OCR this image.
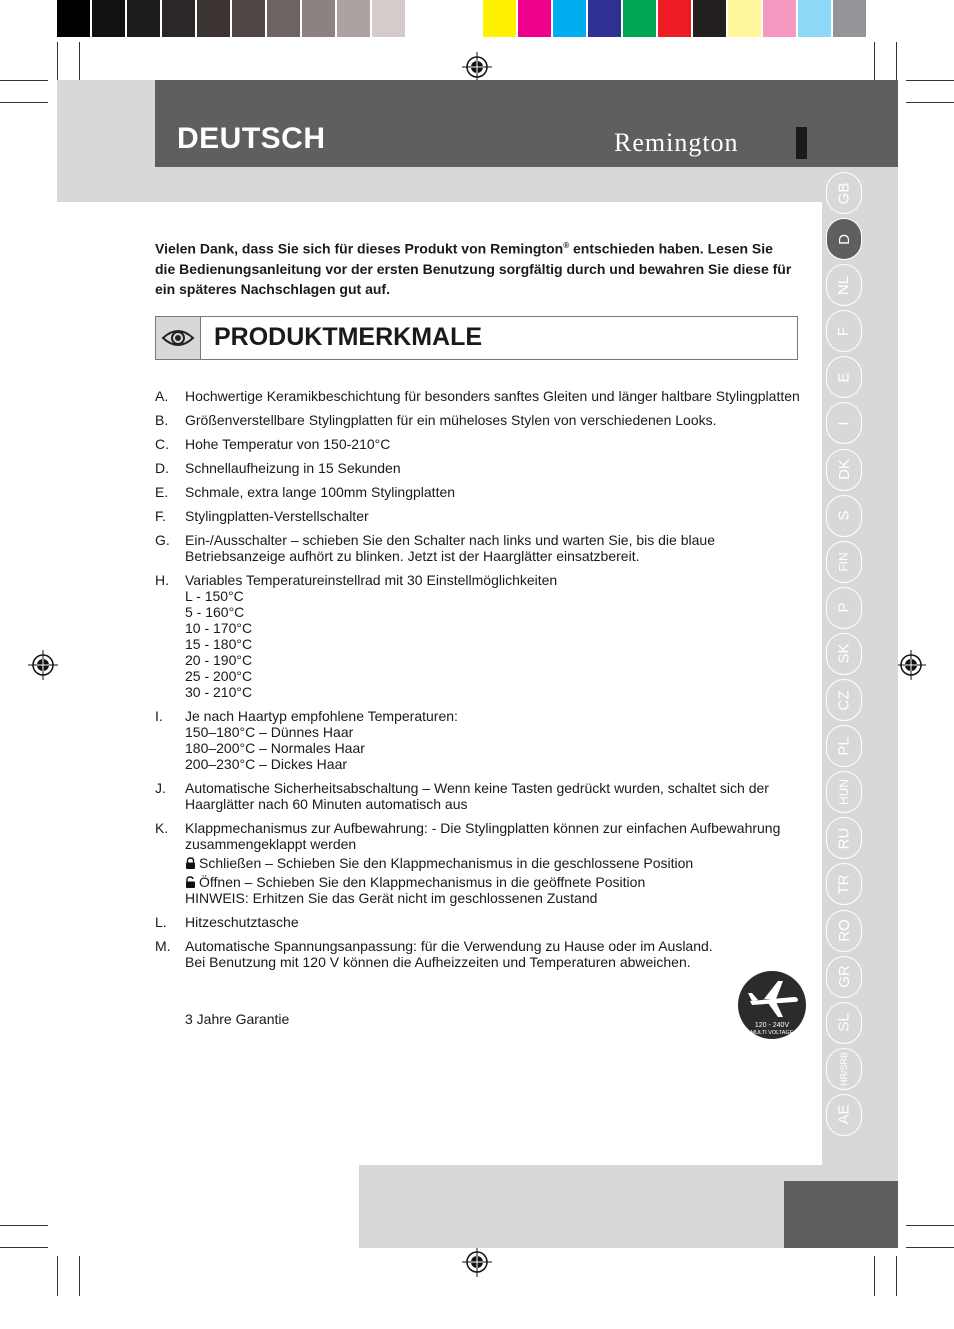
DEUTSCH	Remington
GB
D
NL
F
E
I
DK
S
FIN
P
SK
CZ
PL
HUN
RU
TR
RO
GR
SL
HR/SRB
AE
Vielen Dank, dass Sie sich für dieses Produkt von Remington® entschieden haben. Lesen Sie die Bedienungsanleitung vor der ersten Benutzung sorgfältig durch und bewahren Sie diese für ein späteres Nachschlagen gut auf.
PRODUKTMERKMALE
A.	Hochwertige Keramikbeschichtung für besonders sanftes Gleiten und länger haltbare Stylingplatten
B.	Größenverstellbare Stylingplatten für ein müheloses Stylen von verschiedenen Looks.
C.	Hohe Temperatur von 150-210°C
D.	Schnellaufheizung in 15 Sekunden
E.	Schmale, extra lange 100mm Stylingplatten
F.	Stylingplatten-Verstellschalter
G.	Ein-/Ausschalter – schieben Sie den Schalter nach links und warten Sie, bis die blaue Betriebsanzeige aufhört zu blinken. Jetzt ist der Haarglätter einsatzbereit.
H.	Variables Temperatureinstellrad mit 30 Einstellmöglichkeiten
L - 150°C
5 - 160°C
10 - 170°C
15 - 180°C
20 - 190°C
25 - 200°C
30 - 210°C
I.	Je nach Haartyp empfohlene Temperaturen:
150–180°C – Dünnes Haar
180–200°C – Normales Haar
200–230°C – Dickes Haar
J.	Automatische Sicherheitsabschaltung – Wenn keine Tasten gedrückt wurden, schaltet sich der Haarglätter nach 60 Minuten automatisch aus
K.	Klappmechanismus zur Aufbewahrung: - Die Stylingplatten können zur einfachen Aufbewahrung zusammengeklappt werden
Schließen – Schieben Sie den Klappmechanismus in die geschlossene Position
Öffnen – Schieben Sie den Klappmechanismus in die geöffnete Position
HINWEIS: Erhitzen Sie das Gerät nicht im geschlossenen Zustand
L.	Hitzeschutztasche
M.	Automatische Spannungsanpassung: für die Verwendung zu Hause oder im Ausland.
Bei Benutzung mit 120 V können die Aufheizzeiten und Temperaturen abweichen.
3 Jahre Garantie	120 - 240V
MULTI VOLTAGE
